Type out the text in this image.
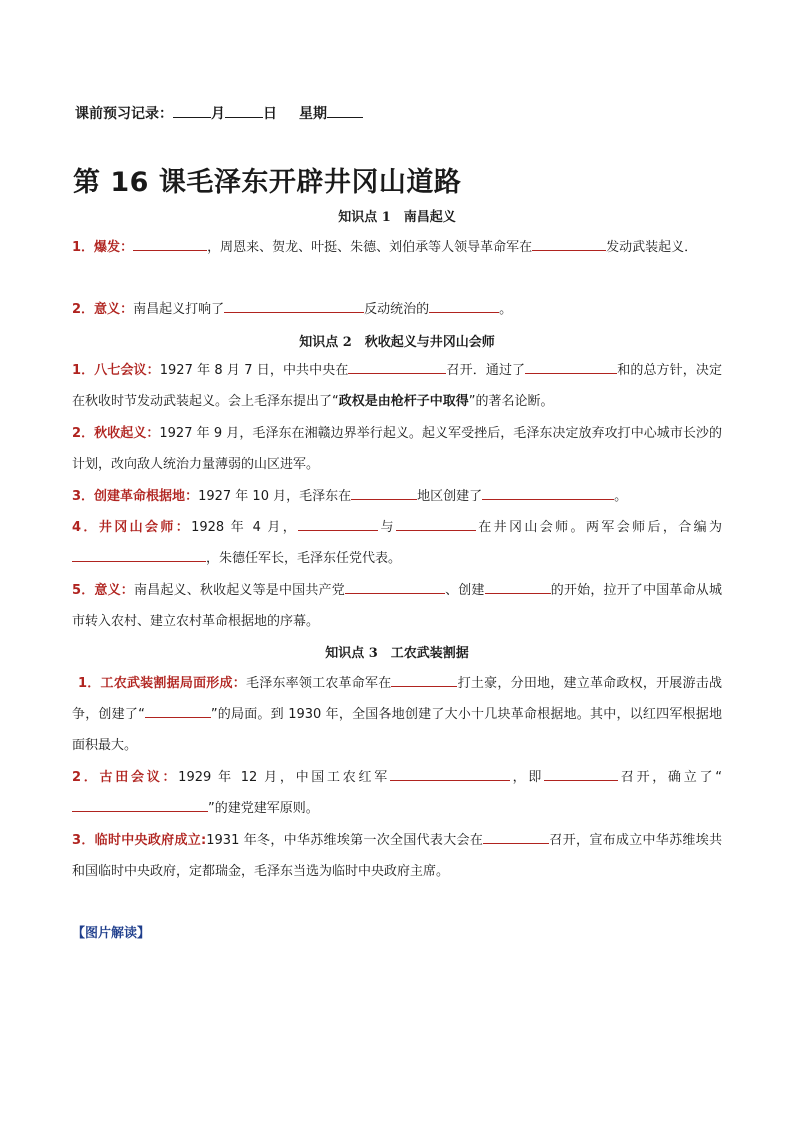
课前预习记录：	月	日 星期
第 16 课毛泽东开辟井冈山道路
知识点 1　南昌起义
1．爆发：	，周恩来、贺龙、叶挺、朱德、刘伯承等人领导革命军在	发动武装起义．
2．意义：南昌起义打响了	反动统治的	。
知识点 2　秋收起义与井冈山会师
1．八七会议：1927 年 8 月 7 日，中共中央在	召开．通过了	和的总方针，决定在秋收时节发动武装起义。会上毛泽东提出了“政权是由枪杆子中取得”的著名论断。
2．秋收起义：1927 年 9 月，毛泽东在湘赣边界举行起义。起义军受挫后，毛泽东决定放弃攻打中心城市长沙的计划，改向敌人统治力量薄弱的山区进军。
3．创建革命根据地：1927 年 10 月，毛泽东在	地区创建了	。
4．井冈山会师：1928 年 4 月，	与	在井冈山会师。两军会师后，合编为，朱德任军长，毛泽东任党代表。
5．意义：南昌起义、秋收起义等是中国共产党	、创建	的开始，拉开了中国革命从城市转入农村、建立农村革命根据地的序幕。
知识点 3　工农武装割据
1．工农武装割据局面形成：毛泽东率领工农革命军在	打土豪，分田地，建立革命政权，开展游击战争，创建了“	”的局面。到 1930 年，全国各地创建了大小十几块革命根据地。其中，以红四军根据地面积最大。
2．古田会议：1929 年 12 月，中国工农红军	，即	召开，确立了“”的建党建军原则。
3．临时中央政府成立:1931 年冬，中华苏维埃第一次全国代表大会在	召开，宣布成立中华苏维埃共和国临时中央政府，定都瑞金，毛泽东当选为临时中央政府主席。
【图片解读】
